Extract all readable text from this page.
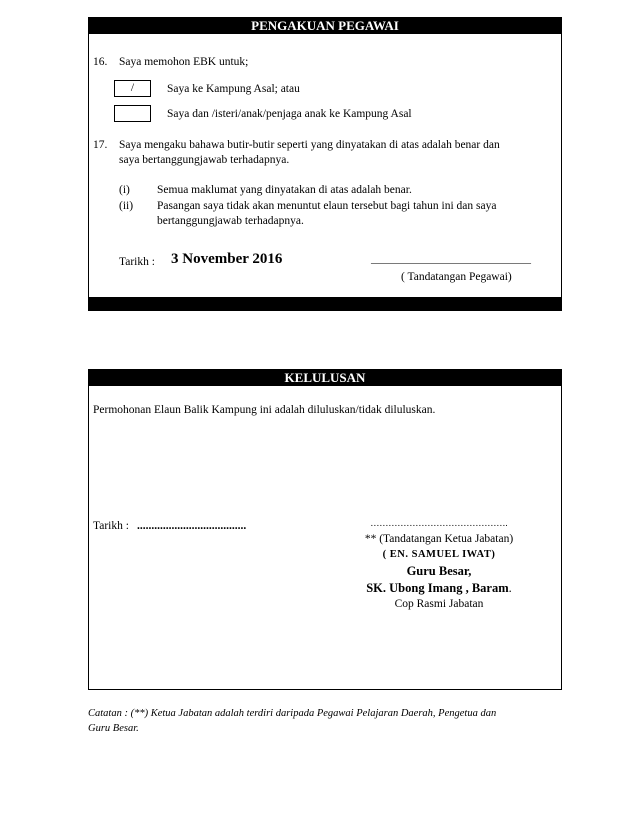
PENGAKUAN PEGAWAI
16. Saya memohon EBK untuk;
/	Saya ke Kampung Asal; atau
Saya dan /isteri/anak/penjaga anak ke Kampung Asal
17. Saya mengaku bahawa butir-butir seperti yang dinyatakan di atas adalah benar dan
saya bertanggungjawab terhadapnya.
(i) Semua maklumat yang dinyatakan di atas adalah benar.
(ii) Pasangan saya tidak akan menuntut elaun tersebut bagi tahun ini dan saya
bertanggungjawab terhadapnya.
Tarikh : 3 November 2016	________________________________
( Tandatangan Pegawai)
KELULUSAN
Permohonan Elaun Balik Kampung ini adalah diluluskan/tidak diluluskan.
Tarikh : ......................................	……………………………………….
** (Tandatangan Ketua Jabatan)
( EN. SAMUEL IWAT)
Guru Besar,
SK. Ubong Imang , Baram.
Cop Rasmi Jabatan
Catatan : (**) Ketua Jabatan adalah terdiri daripada Pegawai Pelajaran Daerah, Pengetua dan
Guru Besar.
